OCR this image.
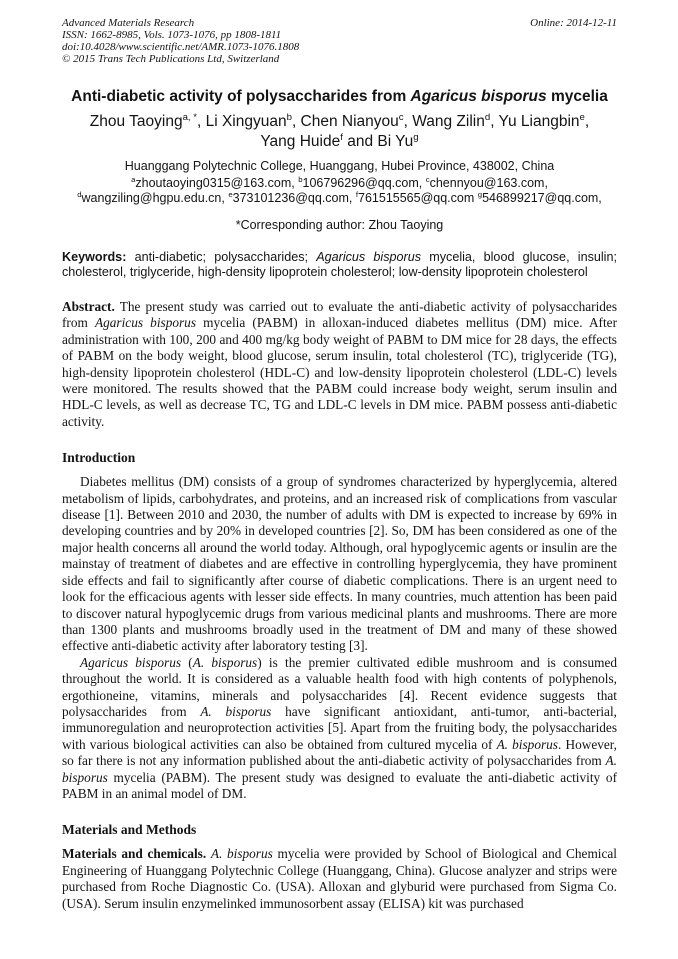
Advanced Materials Research
ISSN: 1662-8985, Vols. 1073-1076, pp 1808-1811
doi:10.4028/www.scientific.net/AMR.1073-1076.1808
© 2015 Trans Tech Publications Ltd, Switzerland
Online: 2014-12-11
Anti-diabetic activity of polysaccharides from Agaricus bisporus mycelia
Zhou Taoying$^{a, *}$, Li Xingyuan$^b$, Chen Nianyou$^c$, Wang Zilin$^d$, Yu Liangbin$^e$,
Yang Huide$^f$ and Bi Yu$^g$
Huanggang Polytechnic College, Huanggang, Hubei Province, 438002, China
$^a$zhoutaoying0315@163.com, $^b$106796296@qq.com, $^c$chennyou@163.com,
$^d$wangziling@hgpu.edu.cn, $^e$373101236@qq.com, $^f$761515565@qq.com $^g$546899217@qq.com,
*Corresponding author: Zhou Taoying

Keywords: anti-diabetic; polysaccharides; Agaricus bisporus mycelia, blood glucose, insulin; cholesterol, triglyceride, high-density lipoprotein cholesterol; low-density lipoprotein cholesterol

Abstract. The present study was carried out to evaluate the anti-diabetic activity of polysaccharides from Agaricus bisporus mycelia (PABM) in alloxan-induced diabetes mellitus (DM) mice. After administration with 100, 200 and 400 mg/kg body weight of PABM to DM mice for 28 days, the effects of PABM on the body weight, blood glucose, serum insulin, total cholesterol (TC), triglyceride (TG), high-density lipoprotein cholesterol (HDL-C) and low-density lipoprotein cholesterol (LDL-C) levels were monitored. The results showed that the PABM could increase body weight, serum insulin and HDL-C levels, as well as decrease TC, TG and LDL-C levels in DM mice. PABM possess anti-diabetic activity.

Introduction

Diabetes mellitus (DM) consists of a group of syndromes characterized by hyperglycemia, altered metabolism of lipids, carbohydrates, and proteins, and an increased risk of complications from vascular disease [1]. Between 2010 and 2030, the number of adults with DM is expected to increase by 69% in developing countries and by 20% in developed countries [2]. So, DM has been considered as one of the major health concerns all around the world today. Although, oral hypoglycemic agents or insulin are the mainstay of treatment of diabetes and are effective in controlling hyperglycemia, they have prominent side effects and fail to significantly after course of diabetic complications. There is an urgent need to look for the efficacious agents with lesser side effects. In many countries, much attention has been paid to discover natural hypoglycemic drugs from various medicinal plants and mushrooms. There are more than 1300 plants and mushrooms broadly used in the treatment of DM and many of these showed effective anti-diabetic activity after laboratory testing [3].

Agaricus bisporus (A. bisporus) is the premier cultivated edible mushroom and is consumed throughout the world. It is considered as a valuable health food with high contents of polyphenols, ergothioneine, vitamins, minerals and polysaccharides [4]. Recent evidence suggests that polysaccharides from A. bisporus have significant antioxidant, anti-tumor, anti-bacterial, immunoregulation and neuroprotection activities [5]. Apart from the fruiting body, the polysaccharides with various biological activities can also be obtained from cultured mycelia of A. bisporus. However, so far there is not any information published about the anti-diabetic activity of polysaccharides from A. bisporus mycelia (PABM). The present study was designed to evaluate the anti-diabetic activity of PABM in an animal model of DM.

Materials and Methods

Materials and chemicals. A. bisporus mycelia were provided by School of Biological and Chemical Engineering of Huanggang Polytechnic College (Huanggang, China). Glucose analyzer and strips were purchased from Roche Diagnostic Co. (USA). Alloxan and glyburid were purchased from Sigma Co. (USA). Serum insulin enzymelinked immunosorbent assay (ELISA) kit was purchased
